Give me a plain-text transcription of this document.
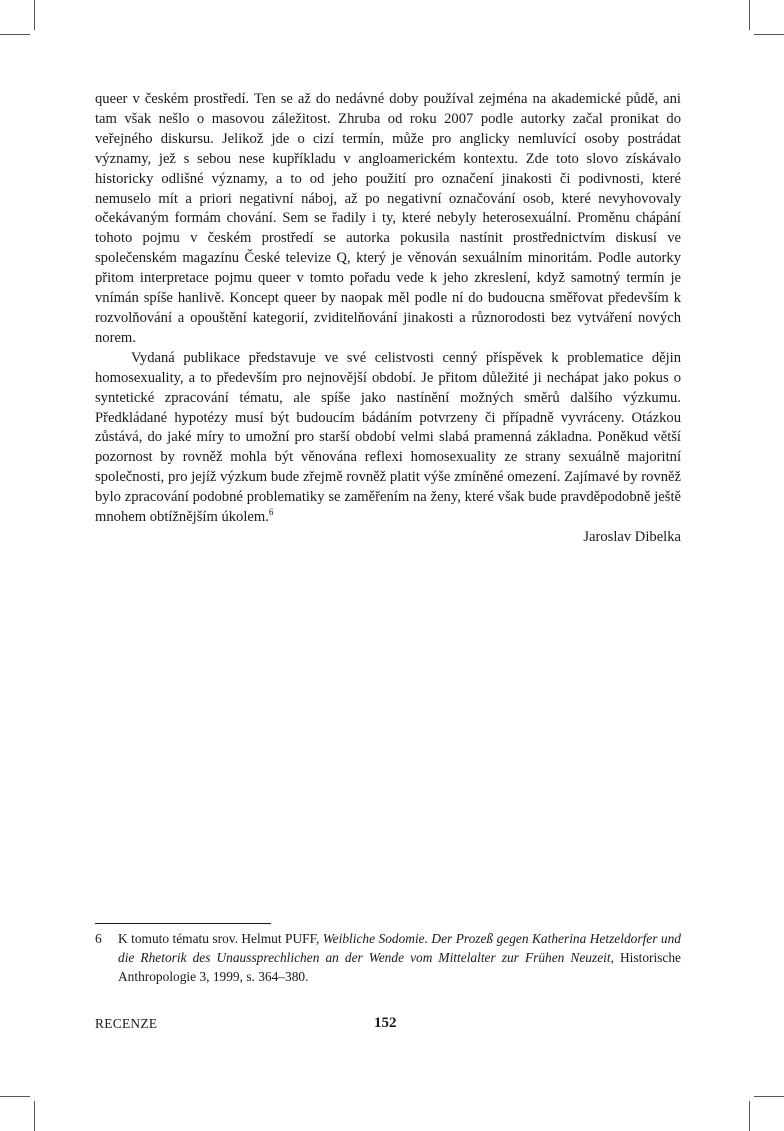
queer v českém prostředí. Ten se až do nedávné doby používal zejména na akademické půdě, ani tam však nešlo o masovou záležitost. Zhruba od roku 2007 podle autorky začal pronikat do veřejného diskursu. Jelikož jde o cizí termín, může pro anglicky nemluvící osoby postrádat významy, jež s sebou nese kupříkladu v angloamerickém kontextu. Zde toto slovo získávalo historicky odlišné významy, a to od jeho použití pro označení jinakosti či podivnosti, které nemuselo mít a priori negativní náboj, až po negativní označování osob, které nevyhovovaly očekávaným formám chování. Sem se řadily i ty, které nebyly heterosexuální. Proměnu chápání tohoto pojmu v českém prostředí se autorka pokusila nastínit prostřednictvím diskusí ve společenském magazínu České televize Q, který je věnován sexuálním minoritám. Podle autorky přitom interpretace pojmu queer v tomto pořadu vede k jeho zkreslení, když samotný termín je vnímán spíše hanlivě. Koncept queer by naopak měl podle ní do budoucna směřovat především k rozvolňování a opouštění kategorií, zviditelňování jinakosti a různorodosti bez vytváření nových norem.

Vydaná publikace představuje ve své celistvosti cenný příspěvek k problematice dějin homosexuality, a to především pro nejnovější období. Je přitom důležité ji nechápat jako pokus o syntetické zpracování tématu, ale spíše jako nastínění možných směrů dalšího výzkumu. Předkládané hypotézy musí být budoucím bádáním potvrzeny či případně vyvráceny. Otázkou zůstává, do jaké míry to umožní pro starší období velmi slabá pramenná základna. Poněkud větší pozornost by rovněž mohla být věnována reflexi homosexuality ze strany sexuálně majoritní společnosti, pro jejíž výzkum bude zřejmě rovněž platit výše zmíněné omezení. Zajímavé by rovněž bylo zpracování podobné problematiky se zaměřením na ženy, které však bude pravděpodobně ještě mnohem obtížnějším úkolem.$^6$

Jaroslav Dibelka

6 K tomuto tématu srov. Helmut PUFF, Weibliche Sodomie. Der Prozeß gegen Katherina Hetzeldorfer und die Rhetorik des Unaussprechlichen an der Wende vom Mittelalter zur Frühen Neuzeit, Historische Anthropologie 3, 1999, s. 364–380.
RECENZE	152
